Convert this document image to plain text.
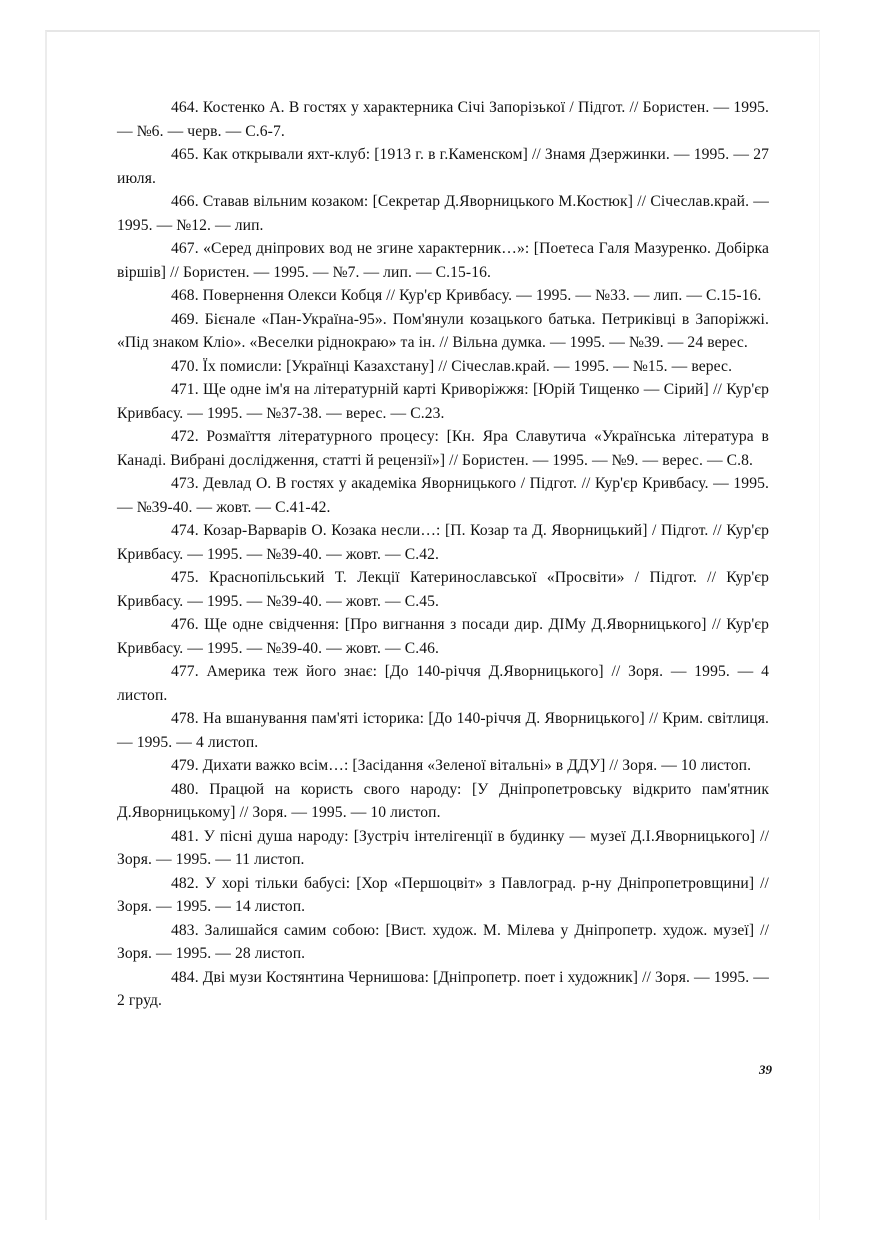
464. Костенко А. В гостях у характерника Січі Запорізької / Підгот. // Бористен. — 1995. — №6. — черв. — С.6-7.

465. Как открывали яхт-клуб: [1913 г. в г.Каменском] // Знамя Дзержинки. — 1995. — 27 июля.

466. Ставав вільним козаком: [Секретар Д.Яворницького М.Костюк] // Січеслав.край. — 1995. — №12. — лип.

467. «Серед дніпрових вод не згине характерник…»: [Поетеса Галя Мазуренко. Добірка віршів] // Бористен. — 1995. — №7. — лип. — С.15-16.

468. Повернення Олекси Кобця // Кур'єр Кривбасу. — 1995. — №33. — лип. — С.15-16.

469. Бієнале «Пан-Україна-95». Пом'янули козацького батька. Петриківці в Запоріжжі. «Під знаком Кліо». «Веселки ріднокраю» та ін. // Вільна думка. — 1995. — №39. — 24 верес.

470. Їх помисли: [Українці Казахстану] // Січеслав.край. — 1995. — №15. — верес.

471. Ще одне ім'я на літературній карті Криворіжжя: [Юрій Тищенко — Сірий] // Кур'єр Кривбасу. — 1995. — №37-38. — верес. — С.23.

472. Розмаїття літературного процесу: [Кн. Яра Славутича «Українська література в Канаді. Вибрані дослідження, статті й рецензії»] // Бористен. — 1995. — №9. — верес. — С.8.

473. Девлад О. В гостях у академіка Яворницького / Підгот. // Кур'єр Кривбасу. — 1995. — №39-40. — жовт. — С.41-42.

474. Козар-Варварів О. Козака несли…: [П. Козар та Д. Яворницький] / Підгот. // Кур'єр Кривбасу. — 1995. — №39-40. — жовт. — С.42.

475. Краснопільський Т. Лекції Катеринославської «Просвіти» / Підгот. // Кур'єр Кривбасу. — 1995. — №39-40. — жовт. — С.45.

476. Ще одне свідчення: [Про вигнання з посади дир. ДІМу Д.Яворницького] // Кур'єр Кривбасу. — 1995. — №39-40. — жовт. — С.46.

477. Америка теж його знає: [До 140-річчя Д.Яворницького] // Зоря. — 1995. — 4 листоп.

478. На вшанування пам'яті історика: [До 140-річчя Д. Яворницького] // Крим. світлиця. — 1995. — 4 листоп.

479. Дихати важко всім…: [Засідання «Зеленої вітальні» в ДДУ] // Зоря. — 10 листоп.

480. Працюй на користь свого народу: [У Дніпропетровську відкрито пам'ятник Д.Яворницькому] // Зоря. — 1995. — 10 листоп.

481. У пісні душа народу: [Зустріч інтелігенції в будинку — музеї Д.І.Яворницького] // Зоря. — 1995. — 11 листоп.

482. У хорі тільки бабусі: [Хор «Першоцвіт» з Павлоград. р-ну Дніпропетровщини] // Зоря. — 1995. — 14 листоп.

483. Залишайся самим собою: [Вист. худож. М. Мілева у Дніпропетр. худож. музеї] // Зоря. — 1995. — 28 листоп.

484. Дві музи Костянтина Чернишова: [Дніпропетр. поет і художник] // Зоря. — 1995. — 2 груд.

39
